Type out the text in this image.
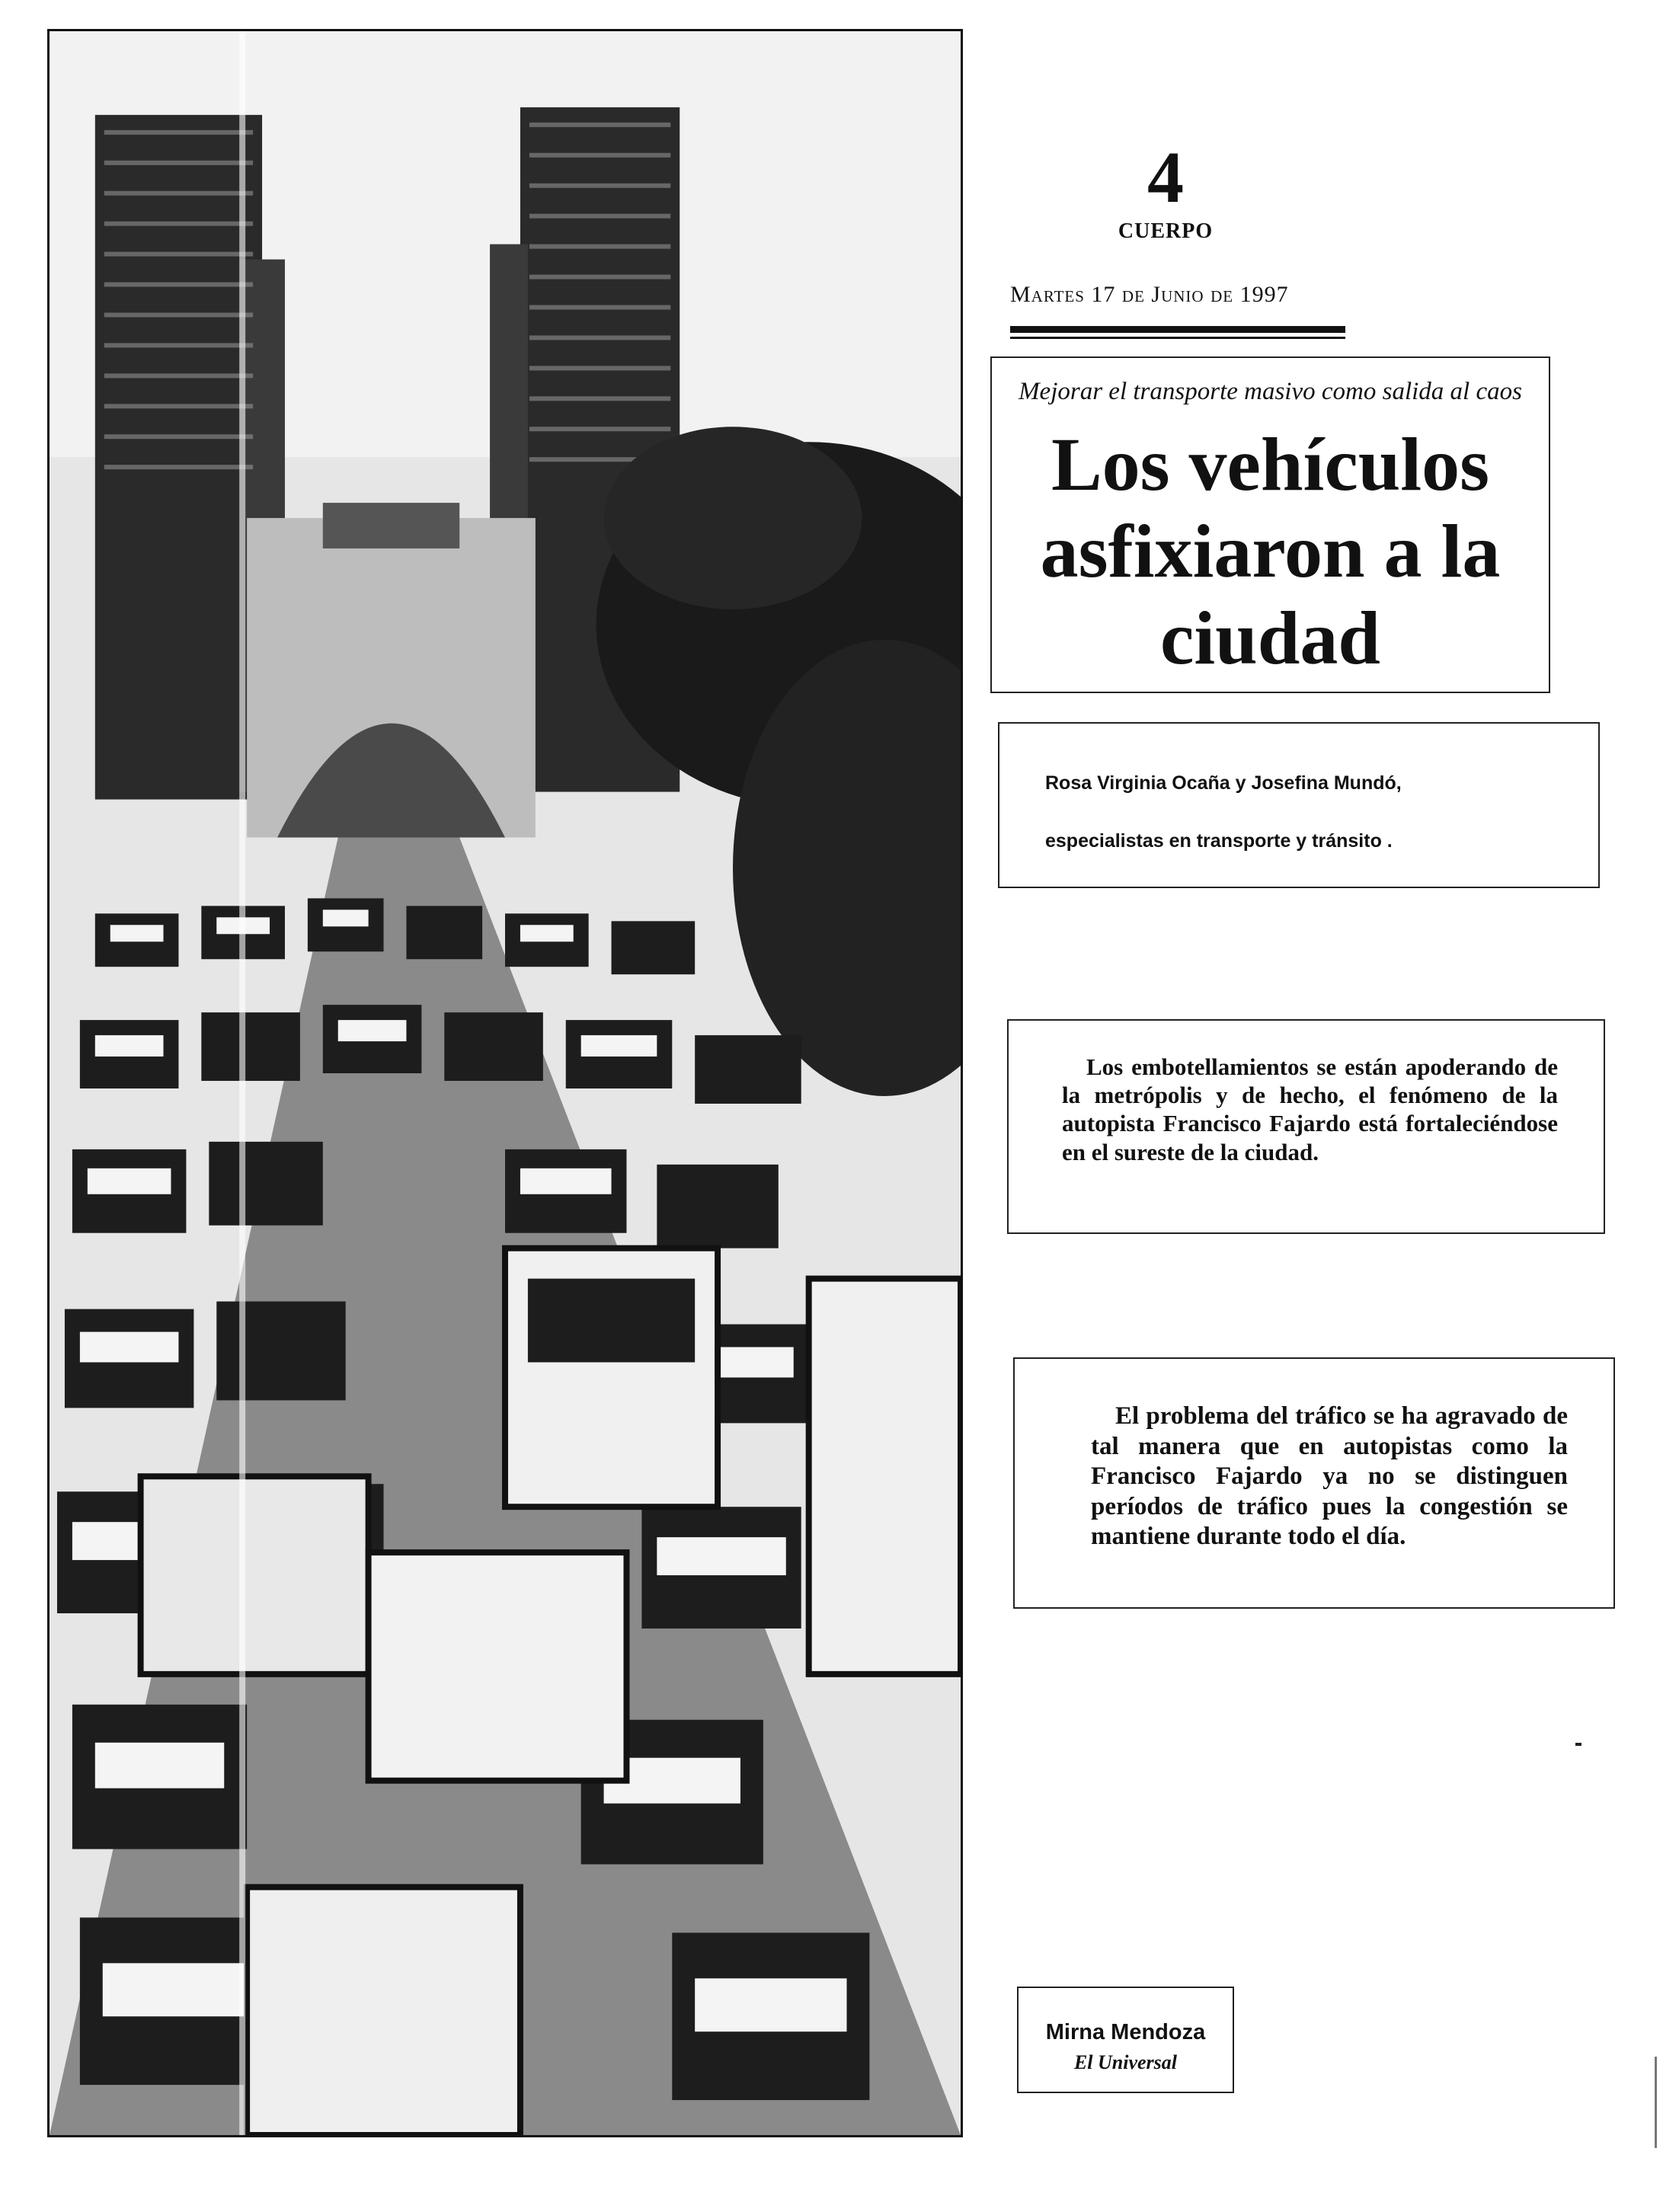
4
CUERPO
Martes 17 de Junio de 1997
Mejorar el transporte masivo como salida al caos
Los vehículos asfixiaron a la ciudad
Rosa Virginia Ocaña y Josefina Mundó,
especialistas en transporte y tránsito .
Los embotellamientos se están apoderando de la metrópolis y de hecho, el fenómeno de la autopista Francisco Fajardo está fortaleciéndose en el sureste de la ciudad.
El problema del tráfico se ha agravado de tal manera que en autopistas como la Francisco Fajardo ya no se distinguen períodos de tráfico pues la congestión se mantiene durante todo el día.
Mirna Mendoza
El Universal
